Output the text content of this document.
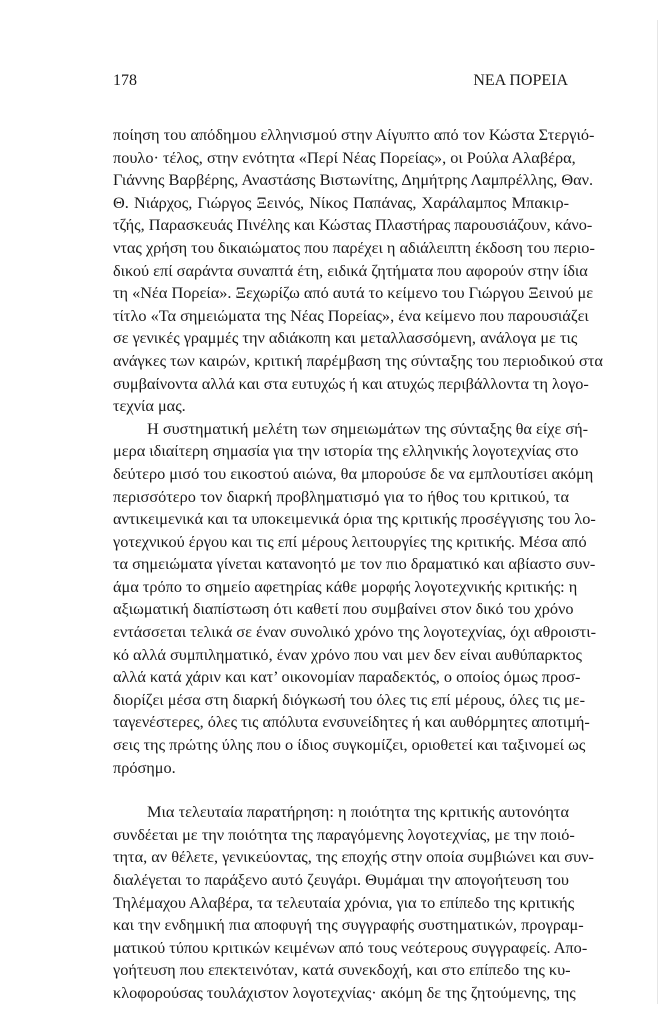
178	ΝΕΑ ΠΟΡΕΙΑ
ποίηση του απόδημου ελληνισμού στην Αίγυπτο από τον Κώστα Στεργιό-
πουλο· τέλος, στην ενότητα «Περί Νέας Πορείας», οι Ρούλα Αλαβέρα,
Γιάννης Βαρβέρης, Αναστάσης Βιστωνίτης, Δημήτρης Λαμπρέλλης, Θαν.
Θ. Νιάρχος, Γιώργος Ξεινός, Νίκος Παπάνας, Χαράλαμπος Μπακιρ-
τζής, Παρασκευάς Πινέλης και Κώστας Πλαστήρας παρουσιάζουν, κάνο-
ντας χρήση του δικαιώματος που παρέχει η αδιάλειπτη έκδοση του περιο-
δικού επί σαράντα συναπτά έτη, ειδικά ζητήματα που αφορούν στην ίδια
τη «Νέα Πορεία». Ξεχωρίζω από αυτά το κείμενο του Γιώργου Ξεινού με
τίτλο «Τα σημειώματα της Νέας Πορείας», ένα κείμενο που παρουσιάζει
σε γενικές γραμμές την αδιάκοπη και μεταλλασσόμενη, ανάλογα με τις
ανάγκες των καιρών, κριτική παρέμβαση της σύνταξης του περιοδικού στα
συμβαίνοντα αλλά και στα ευτυχώς ή και ατυχώς περιβάλλοντα τη λογο-
τεχνία μας.
Η συστηματική μελέτη των σημειωμάτων της σύνταξης θα είχε σή-
μερα ιδιαίτερη σημασία για την ιστορία της ελληνικής λογοτεχνίας στο
δεύτερο μισό του εικοστού αιώνα, θα μπορούσε δε να εμπλουτίσει ακόμη
περισσότερο τον διαρκή προβληματισμό για το ήθος του κριτικού, τα
αντικειμενικά και τα υποκειμενικά όρια της κριτικής προσέγγισης του λο-
γοτεχνικού έργου και τις επί μέρους λειτουργίες της κριτικής. Μέσα από
τα σημειώματα γίνεται κατανοητό με τον πιο δραματικό και αβίαστο συν-
άμα τρόπο το σημείο αφετηρίας κάθε μορφής λογοτεχνικής κριτικής: η
αξιωματική διαπίστωση ότι καθετί που συμβαίνει στον δικό του χρόνο
εντάσσεται τελικά σε έναν συνολικό χρόνο της λογοτεχνίας, όχι αθροιστι-
κό αλλά συμπιληματικό, έναν χρόνο που ναι μεν δεν είναι αυθύπαρκτος
αλλά κατά χάριν και κατ’ οικονομίαν παραδεκτός, ο οποίος όμως προσ-
διορίζει μέσα στη διαρκή διόγκωσή του όλες τις επί μέρους, όλες τις με-
ταγενέστερες, όλες τις απόλυτα ενσυνείδητες ή και αυθόρμητες αποτιμή-
σεις της πρώτης ύλης που ο ίδιος συγκομίζει, οριοθετεί και ταξινομεί ως
πρόσημο.
Μια τελευταία παρατήρηση: η ποιότητα της κριτικής αυτονόητα
συνδέεται με την ποιότητα της παραγόμενης λογοτεχνίας, με την ποιό-
τητα, αν θέλετε, γενικεύοντας, της εποχής στην οποία συμβιώνει και συν-
διαλέγεται το παράξενο αυτό ζευγάρι. Θυμάμαι την απογοήτευση του
Τηλέμαχου Αλαβέρα, τα τελευταία χρόνια, για το επίπεδο της κριτικής
και την ενδημική πια αποφυγή της συγγραφής συστηματικών, προγραμ-
ματικού τύπου κριτικών κειμένων από τους νεότερους συγγραφείς. Απο-
γοήτευση που επεκτεινόταν, κατά συνεκδοχή, και στο επίπεδο της κυ-
κλοφορούσας τουλάχιστον λογοτεχνίας· ακόμη δε της ζητούμενης, της
